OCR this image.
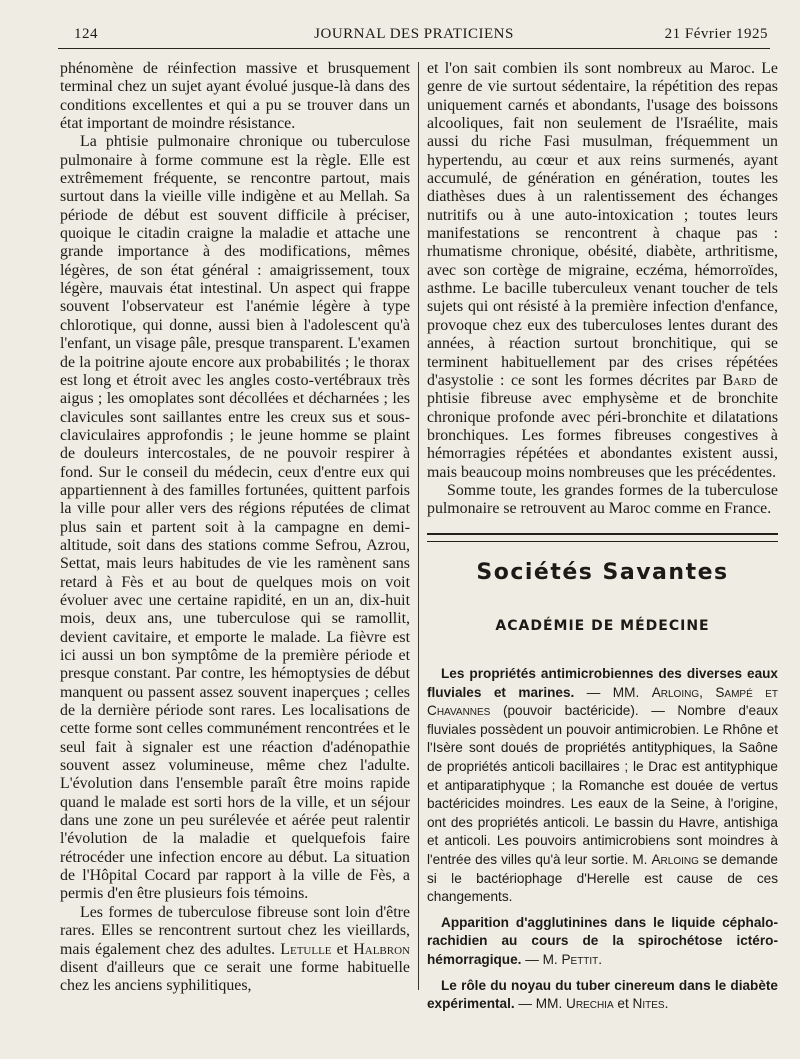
JOURNAL DES PRATICIENS
124	21 Février 1925

phénomène de réinfection massive et brusquement terminal chez un sujet ayant évolué jusque-là dans des conditions excellentes et qui a pu se trouver dans un état important de moindre résistance.

La phtisie pulmonaire chronique ou tuberculose pulmonaire à forme commune est la règle. Elle est extrêmement fréquente, se rencontre partout, mais surtout dans la vieille ville indigène et au Mellah. Sa période de début est souvent difficile à préciser, quoique le citadin craigne la maladie et attache une grande importance à des modifications, mêmes légères, de son état général : amaigrissement, toux légère, mauvais état intestinal. Un aspect qui frappe souvent l'observateur est l'anémie légère à type chlorotique, qui donne, aussi bien à l'adolescent qu'à l'enfant, un visage pâle, presque transparent. L'examen de la poitrine ajoute encore aux probabilités ; le thorax est long et étroit avec les angles costo-vertébraux très aigus ; les omoplates sont décollées et décharnées ; les clavicules sont saillantes entre les creux sus et sous-claviculaires approfondis ; le jeune homme se plaint de douleurs intercostales, de ne pouvoir respirer à fond. Sur le conseil du médecin, ceux d'entre eux qui appartiennent à des familles fortunées, quittent parfois la ville pour aller vers des régions réputées de climat plus sain et partent soit à la campagne en demi-altitude, soit dans des stations comme Sefrou, Azrou, Settat, mais leurs habitudes de vie les ramènent sans retard à Fès et au bout de quelques mois on voit évoluer avec une certaine rapidité, en un an, dix-huit mois, deux ans, une tuberculose qui se ramollit, devient cavitaire, et emporte le malade. La fièvre est ici aussi un bon symptôme de la première période et presque constant. Par contre, les hémoptysies de début manquent ou passent assez souvent inaperçues ; celles de la dernière période sont rares. Les localisations de cette forme sont celles communément rencontrées et le seul fait à signaler est une réaction d'adénopathie souvent assez volumineuse, même chez l'adulte. L'évolution dans l'ensemble paraît être moins rapide quand le malade est sorti hors de la ville, et un séjour dans une zone un peu surélevée et aérée peut ralentir l'évolution de la maladie et quelquefois faire rétrocéder une infection encore au début. La situation de l'Hôpital Cocard par rapport à la ville de Fès, a permis d'en être plusieurs fois témoins.

Les formes de tuberculose fibreuse sont loin d'être rares. Elles se rencontrent surtout chez les vieillards, mais également chez des adultes. Letulle et Halbron disent d'ailleurs que ce serait une forme habituelle chez les anciens syphilitiques,

et l'on sait combien ils sont nombreux au Maroc. Le genre de vie surtout sédentaire, la répétition des repas uniquement carnés et abondants, l'usage des boissons alcooliques, fait non seulement de l'Israélite, mais aussi du riche Fasi musulman, fréquemment un hypertendu, au cœur et aux reins surmenés, ayant accumulé, de génération en génération, toutes les diathèses dues à un ralentissement des échanges nutritifs ou à une auto-intoxication ; toutes leurs manifestations se rencontrent à chaque pas : rhumatisme chronique, obésité, diabète, arthritisme, avec son cortège de migraine, eczéma, hémorroïdes, asthme. Le bacille tuberculeux venant toucher de tels sujets qui ont résisté à la première infection d'enfance, provoque chez eux des tuberculoses lentes durant des années, à réaction surtout bronchitique, qui se terminent habituellement par des crises répétées d'asystolie : ce sont les formes décrites par Bard de phtisie fibreuse avec emphysème et de bronchite chronique profonde avec péri-bronchite et dilatations bronchiques. Les formes fibreuses congestives à hémorragies répétées et abondantes existent aussi, mais beaucoup moins nombreuses que les précédentes.

Somme toute, les grandes formes de la tuberculose pulmonaire se retrouvent au Maroc comme en France.

Sociétés Savantes
ACADÉMIE DE MÉDECINE

Les propriétés antimicrobiennes des diverses eaux fluviales et marines. — MM. Arloing, Sampé et Chavannes (pouvoir bactéricide). — Nombre d'eaux fluviales possèdent un pouvoir antimicrobien. Le Rhône et l'Isère sont doués de propriétés antityphiques, la Saône de propriétés anticoli bacillaires ; le Drac est antityphique et antiparatiphyque ; la Romanche est douée de vertus bactéricides moindres. Les eaux de la Seine, à l'origine, ont des propriétés anticoli. Le bassin du Havre, antishiga et anticoli. Les pouvoirs antimicrobiens sont moindres à l'entrée des villes qu'à leur sortie. M. Arloing se demande si le bactériophage d'Herelle est cause de ces changements.

Apparition d'agglutinines dans le liquide céphalo-rachidien au cours de la spirochétose ictéro-hémorragique. — M. Pettit.

Le rôle du noyau du tuber cinereum dans le diabète expérimental. — MM. Urechia et Nites.
